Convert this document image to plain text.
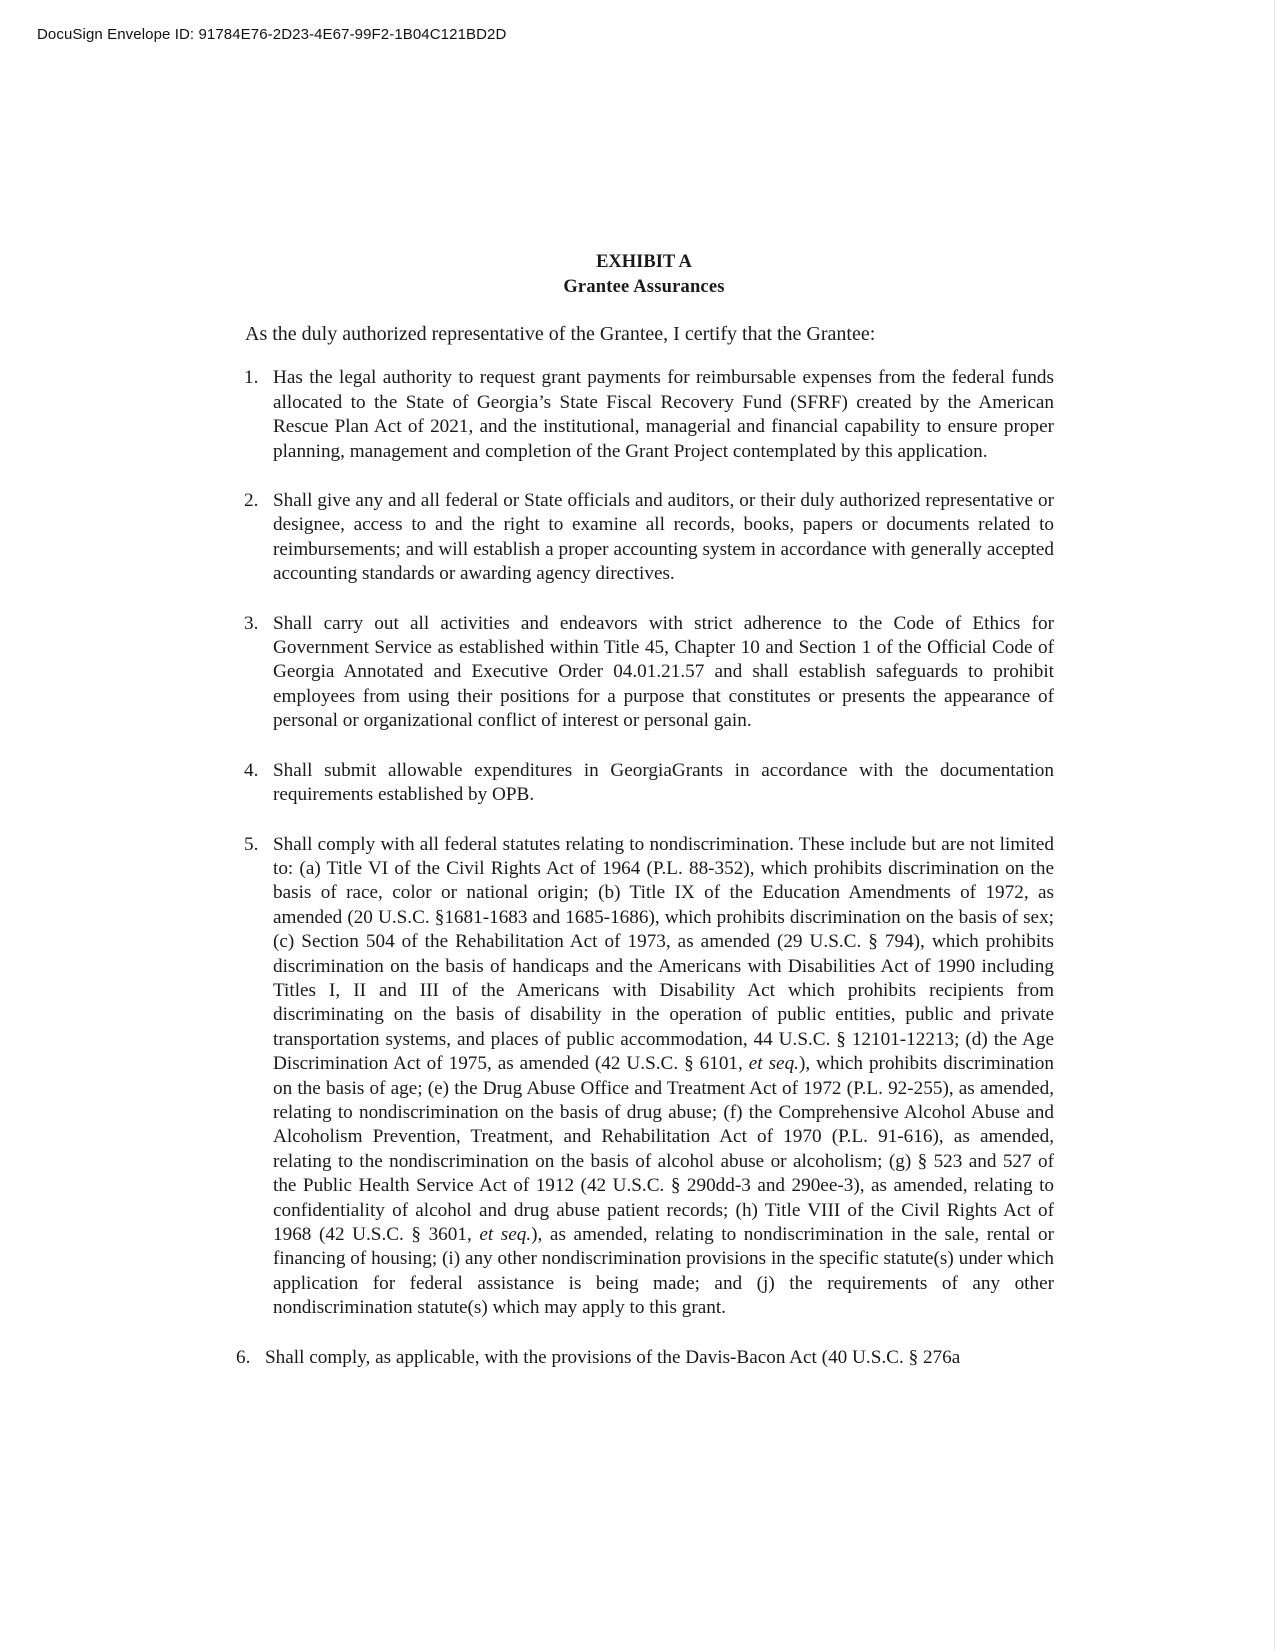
DocuSign Envelope ID: 91784E76-2D23-4E67-99F2-1B04C121BD2D
EXHIBIT A
Grantee Assurances
As the duly authorized representative of the Grantee, I certify that the Grantee:
1. Has the legal authority to request grant payments for reimbursable expenses from the federal funds allocated to the State of Georgia’s State Fiscal Recovery Fund (SFRF) created by the American Rescue Plan Act of 2021, and the institutional, managerial and financial capability to ensure proper planning, management and completion of the Grant Project contemplated by this application.
2. Shall give any and all federal or State officials and auditors, or their duly authorized representative or designee, access to and the right to examine all records, books, papers or documents related to reimbursements; and will establish a proper accounting system in accordance with generally accepted accounting standards or awarding agency directives.
3. Shall carry out all activities and endeavors with strict adherence to the Code of Ethics for Government Service as established within Title 45, Chapter 10 and Section 1 of the Official Code of Georgia Annotated and Executive Order 04.01.21.57 and shall establish safeguards to prohibit employees from using their positions for a purpose that constitutes or presents the appearance of personal or organizational conflict of interest or personal gain.
4. Shall submit allowable expenditures in GeorgiaGrants in accordance with the documentation requirements established by OPB.
5. Shall comply with all federal statutes relating to nondiscrimination. These include but are not limited to: (a) Title VI of the Civil Rights Act of 1964 (P.L. 88-352), which prohibits discrimination on the basis of race, color or national origin; (b) Title IX of the Education Amendments of 1972, as amended (20 U.S.C. §1681-1683 and 1685-1686), which prohibits discrimination on the basis of sex; (c) Section 504 of the Rehabilitation Act of 1973, as amended (29 U.S.C. § 794), which prohibits discrimination on the basis of handicaps and the Americans with Disabilities Act of 1990 including Titles I, II and III of the Americans with Disability Act which prohibits recipients from discriminating on the basis of disability in the operation of public entities, public and private transportation systems, and places of public accommodation, 44 U.S.C. § 12101-12213; (d) the Age Discrimination Act of 1975, as amended (42 U.S.C. § 6101, et seq.), which prohibits discrimination on the basis of age; (e) the Drug Abuse Office and Treatment Act of 1972 (P.L. 92-255), as amended, relating to nondiscrimination on the basis of drug abuse; (f) the Comprehensive Alcohol Abuse and Alcoholism Prevention, Treatment, and Rehabilitation Act of 1970 (P.L. 91-616), as amended, relating to the nondiscrimination on the basis of alcohol abuse or alcoholism; (g) § 523 and 527 of the Public Health Service Act of 1912 (42 U.S.C. § 290dd-3 and 290ee-3), as amended, relating to confidentiality of alcohol and drug abuse patient records; (h) Title VIII of the Civil Rights Act of 1968 (42 U.S.C. § 3601, et seq.), as amended, relating to nondiscrimination in the sale, rental or financing of housing; (i) any other nondiscrimination provisions in the specific statute(s) under which application for federal assistance is being made; and (j) the requirements of any other nondiscrimination statute(s) which may apply to this grant.
6. Shall comply, as applicable, with the provisions of the Davis-Bacon Act (40 U.S.C. § 276a
